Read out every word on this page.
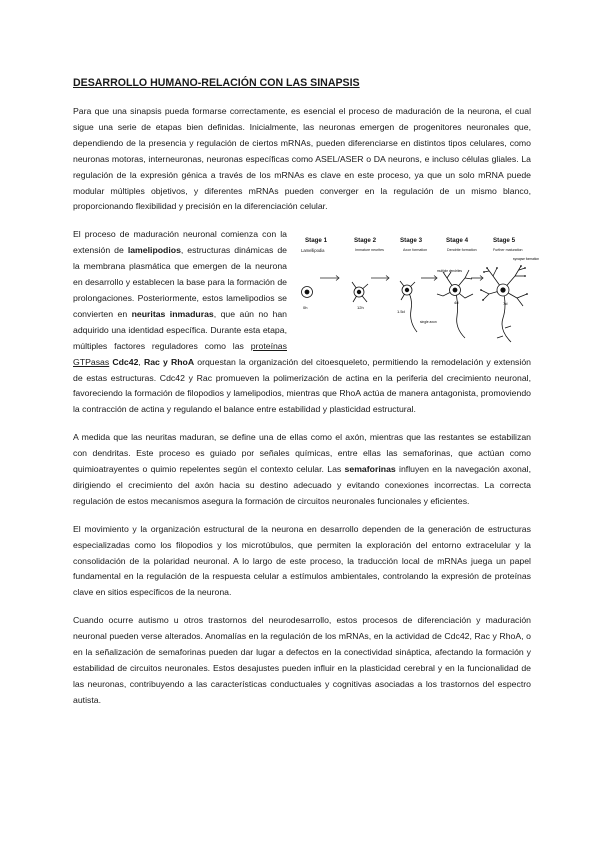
DESARROLLO HUMANO-RELACIÓN CON LAS SINAPSIS

Para que una sinapsis pueda formarse correctamente, es esencial el proceso de maduración de la neurona, el cual sigue una serie de etapas bien definidas. Inicialmente, las neuronas emergen de progenitores neuronales que, dependiendo de la presencia y regulación de ciertos mRNAs, pueden diferenciarse en distintos tipos celulares, como neuronas motoras, interneuronas, neuronas específicas como ASEL/ASER o DA neurons, e incluso células gliales. La regulación de la expresión génica a través de los mRNAs es clave en este proceso, ya que un solo mRNA puede modular múltiples objetivos, y diferentes mRNAs pueden converger en la regulación de un mismo blanco, proporcionando flexibilidad y precisión en la diferenciación celular.

Stage 1	Stage 2	Stage 3	Stage 4	Stage 5
Lamellipodia	Immature neurites	Axon formation	Dendrite formation	Further maturation
0h	12h
single axon
1.5d
multiple dendrites
4d
synapse formation
7d
El proceso de maduración neuronal comienza con la extensión de lamelipodios, estructuras dinámicas de la membrana plasmática que emergen de la neurona en desarrollo y establecen la base para la formación de prolongaciones. Posteriormente, estos lamelipodios se convierten en neuritas inmaduras, que aún no han adquirido una identidad específica. Durante esta etapa, múltiples factores reguladores como las proteínas GTPasas Cdc42, Rac y RhoA orquestan la organización del citoesqueleto, permitiendo la remodelación y extensión de estas estructuras. Cdc42 y Rac promueven la polimerización de actina en la periferia del crecimiento neuronal, favoreciendo la formación de filopodios y lamelipodios, mientras que RhoA actúa de manera antagonista, promoviendo la contracción de actina y regulando el balance entre estabilidad y plasticidad estructural.

A medida que las neuritas maduran, se define una de ellas como el axón, mientras que las restantes se estabilizan con dendritas. Este proceso es guiado por señales químicas, entre ellas las semaforinas, que actúan como quimioatrayentes o quimio repelentes según el contexto celular. Las semaforinas influyen en la navegación axonal, dirigiendo el crecimiento del axón hacia su destino adecuado y evitando conexiones incorrectas. La correcta regulación de estos mecanismos asegura la formación de circuitos neuronales funcionales y eficientes.

El movimiento y la organización estructural de la neurona en desarrollo dependen de la generación de estructuras especializadas como los filopodios y los microtúbulos, que permiten la exploración del entorno extracelular y la consolidación de la polaridad neuronal. A lo largo de este proceso, la traducción local de mRNAs juega un papel fundamental en la regulación de la respuesta celular a estímulos ambientales, controlando la expresión de proteínas clave en sitios específicos de la neurona.

Cuando ocurre autismo u otros trastornos del neurodesarrollo, estos procesos de diferenciación y maduración neuronal pueden verse alterados. Anomalías en la regulación de los mRNAs, en la actividad de Cdc42, Rac y RhoA, o en la señalización de semaforinas pueden dar lugar a defectos en la conectividad sináptica, afectando la formación y estabilidad de circuitos neuronales. Estos desajustes pueden influir en la plasticidad cerebral y en la funcionalidad de las neuronas, contribuyendo a las características conductuales y cognitivas asociadas a los trastornos del espectro autista.
